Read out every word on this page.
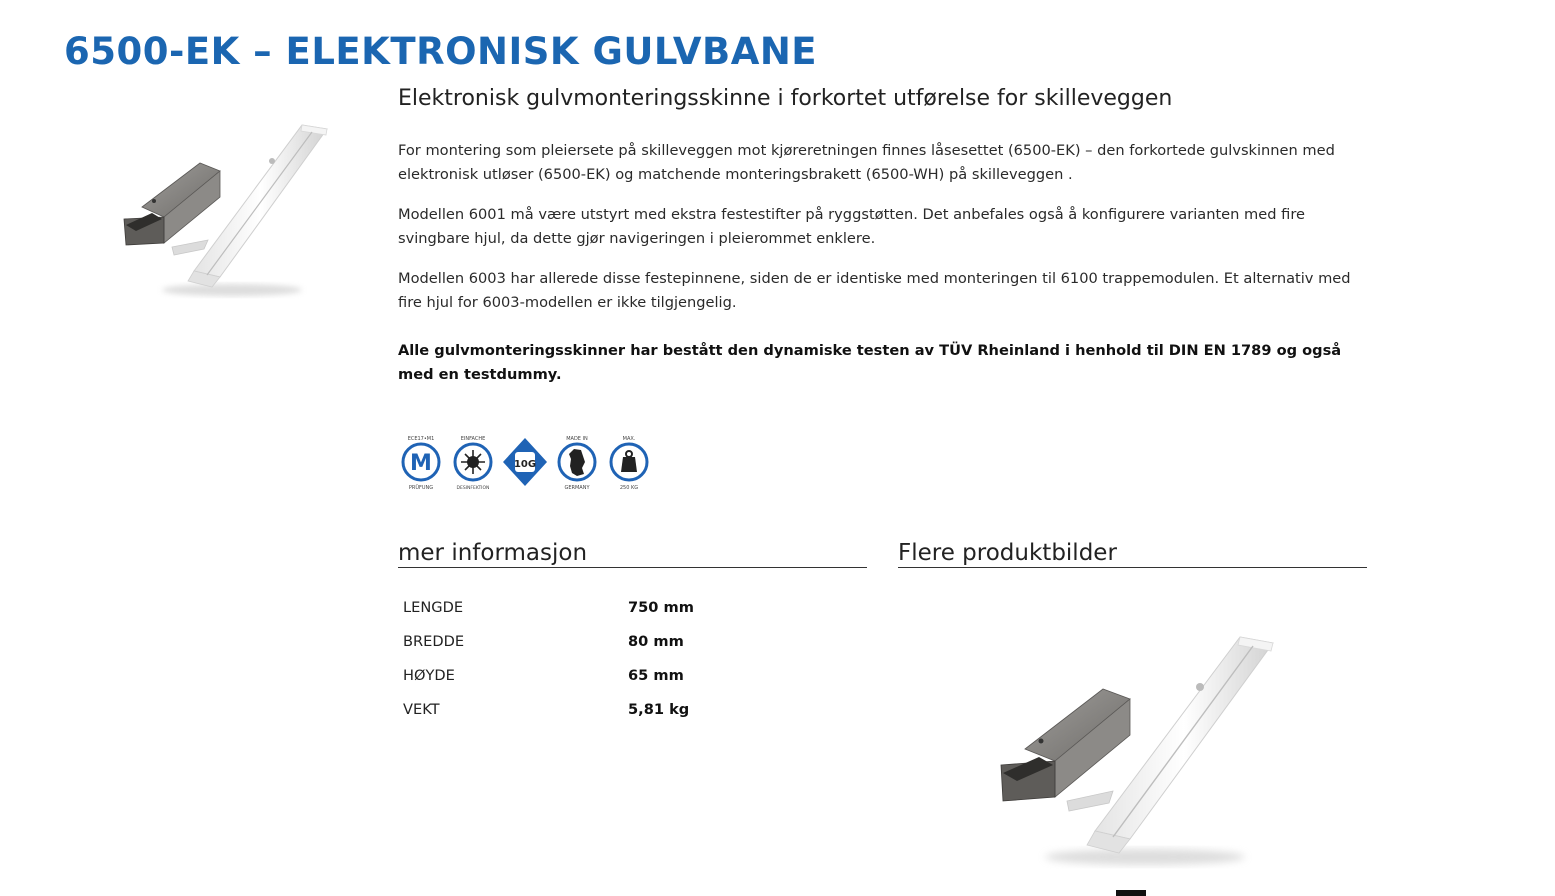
6500-EK – ELEKTRONISK GULVBANE
Elektronisk gulvmonteringsskinne i forkortet utførelse for skilleveggen

For montering som pleiersete på skilleveggen mot kjøreretningen finnes låsesettet (6500-EK) – den forkortede gulvskinnen med elektronisk utløser (6500-EK) og matchende monteringsbrakett (6500-WH) på skilleveggen .

Modellen 6001 må være utstyrt med ekstra festestifter på ryggstøtten. Det anbefales også å konfigurere varianten med fire svingbare hjul, da dette gjør navigeringen i pleierommet enklere.

Modellen 6003 har allerede disse festepinnene, siden de er identiske med monteringen til 6100 trappemodulen. Et alternativ med fire hjul for 6003-modellen er ikke tilgjengelig.

Alle gulvmonteringsskinner har bestått den dynamiske testen av TÜV Rheinland i henhold til DIN EN 1789 og også med en testdummy.

M
ECE17•M1
PRÜFUNG
EINFACHE
DESINFEKTION
10G
MADE IN
GERMANY
MAX.
250 KG
mer informasjon	Flere produktbilder
LENGDE	750 mm
BREDDE	80 mm
HØYDE	65 mm
VEKT	5,81 kg
